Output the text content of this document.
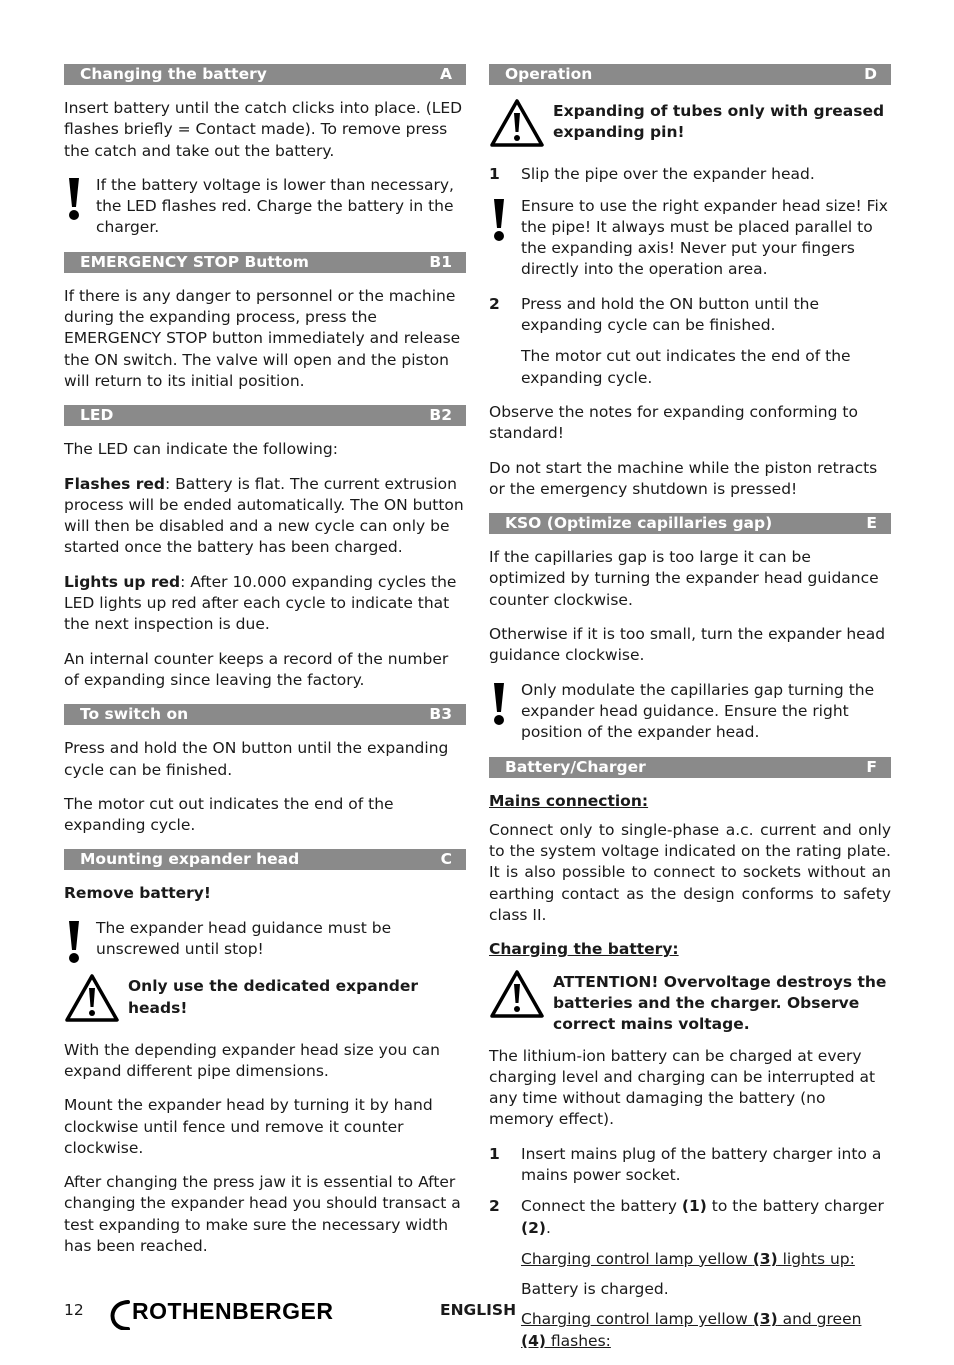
Changing the battery	A

Insert battery until the catch clicks into place. (LED flashes briefly = Contact made). To remove press the catch and take out the battery.

If the battery voltage is lower than necessary, the LED flashes red. Charge the battery in the charger.
EMERGENCY STOP Buttom	B1

If there is any danger to personnel or the machine during the expanding process, press the EMERGENCY STOP button immediately and release the ON switch. The valve will open and the piston will return to its initial position.

LED	B2

The LED can indicate the following:

Flashes red: Battery is flat. The current extrusion process will be ended automatically. The ON button will then be disabled and a new cycle can only be started once the battery has been charged.

Lights up red: After 10.000 expanding cycles the LED lights up red after each cycle to indicate that the next inspection is due.

An internal counter keeps a record of the number of expanding since leaving the factory.

To switch on	B3

Press and hold the ON button until the expanding cycle can be finished.

The motor cut out indicates the end of the expanding cycle.

Mounting expander head	C

Remove battery!

The expander head guidance must be unscrewed until stop!
Only use the dedicated expander heads!

With the depending expander head size you can expand different pipe dimensions.

Mount the expander head by turning it by hand clockwise until fence und remove it counter clockwise.

After changing the press jaw it is essential to After changing the expander head you should transact a test expanding to make sure the necessary width has been reached.

Operation	D
Expanding of tubes only with greased expanding pin!
1	Slip the pipe over the expander head.
Ensure to use the right expander head size! Fix the pipe! It always must be placed parallel to the expanding axis! Never put your fingers directly into the operation area.
2	Press and hold the ON button until the expanding cycle can be finished.

The motor cut out indicates the end of the expanding cycle.

Observe the notes for expanding conforming to standard!

Do not start the machine while the piston retracts or the emergency shutdown is pressed!

KSO (Optimize capillaries gap)	E

If the capillaries gap is too large it can be optimized by turning the expander head guidance counter clockwise.

Otherwise if it is too small, turn the expander head guidance clockwise.

Only modulate the capillaries gap turning the expander head guidance. Ensure the right position of the expander head.
Battery/Charger	F

Mains connection:

Connect only to single-phase a.c. current and only to the system voltage indicated on the rating plate. It is also possible to connect to sockets without an earthing contact as the design conforms to safety class II.

Charging the battery:

ATTENTION! Overvoltage destroys the batteries and the charger. Observe correct mains voltage.

The lithium-ion battery can be charged at every charging level and charging can be interrupted at any time without damaging the battery (no memory effect).

1	Insert mains plug of the battery charger into a mains power socket.
2	Connect the battery (1) to the battery charger (2).

Charging control lamp yellow (3) lights up:

Battery is charged.

Charging control lamp yellow (3) and green (4) flashes:

12 ROTHENBERGER	ENGLISH
